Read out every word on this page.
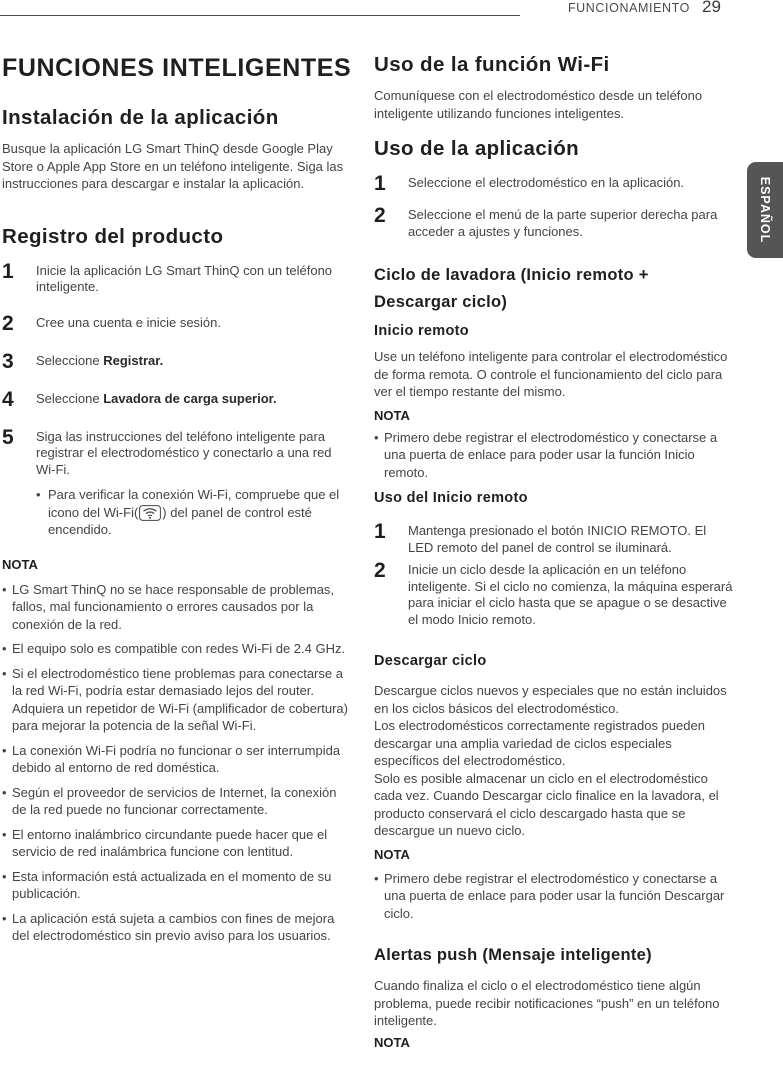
FUNCIONAMIENTO 29
ESPAÑOL
FUNCIONES INTELIGENTES
Instalación de la aplicación
Busque la aplicación LG Smart ThinQ desde Google Play Store o Apple App Store en un teléfono inteligente. Siga las instrucciones para descargar e instalar la aplicación.
Registro del producto
1	Inicie la aplicación LG Smart ThinQ con un teléfono inteligente.
2	Cree una cuenta e inicie sesión.
3	Seleccione Registrar.
4	Seleccione Lavadora de carga superior.
5	Siga las instrucciones del teléfono inteligente para registrar el electrodoméstico y conectarlo a una red Wi-Fi.
• Para verificar la conexión Wi-Fi, compruebe que el icono del Wi-Fi( ) del panel de control esté encendido.
NOTA
• LG Smart ThinQ no se hace responsable de problemas, fallos, mal funcionamiento o errores causados por la conexión de la red.
• El equipo solo es compatible con redes Wi-Fi de 2.4 GHz.
• Si el electrodoméstico tiene problemas para conectarse a la red Wi-Fi, podría estar demasiado lejos del router. Adquiera un repetidor de Wi-Fi (amplificador de cobertura) para mejorar la potencia de la señal Wi-Fi.
• La conexión Wi-Fi podría no funcionar o ser interrumpida debido al entorno de red doméstica.
• Según el proveedor de servicios de Internet, la conexión de la red puede no funcionar correctamente.
• El entorno inalámbrico circundante puede hacer que el servicio de red inalámbrica funcione con lentitud.
• Esta información está actualizada en el momento de su publicación.
• La aplicación está sujeta a cambios con fines de mejora del electrodoméstico sin previo aviso para los usuarios.
Uso de la función Wi-Fi
Comuníquese con el electrodoméstico desde un teléfono inteligente utilizando funciones inteligentes.
Uso de la aplicación
1	Seleccione el electrodoméstico en la aplicación.
2	Seleccione el menú de la parte superior derecha para acceder a ajustes y funciones.
Ciclo de lavadora (Inicio remoto +
Descargar ciclo)
Inicio remoto
Use un teléfono inteligente para controlar el electrodoméstico de forma remota. O controle el funcionamiento del ciclo para ver el tiempo restante del mismo.
NOTA
• Primero debe registrar el electrodoméstico y conectarse a una puerta de enlace para poder usar la función Inicio remoto.
Uso del Inicio remoto
1	Mantenga presionado el botón INICIO REMOTO. El LED remoto del panel de control se iluminará.
2	Inicie un ciclo desde la aplicación en un teléfono inteligente. Si el ciclo no comienza, la máquina esperará para iniciar el ciclo hasta que se apague o se desactive el modo Inicio remoto.
Descargar ciclo
Descargue ciclos nuevos y especiales que no están incluidos en los ciclos básicos del electrodoméstico.
Los electrodomésticos correctamente registrados pueden descargar una amplia variedad de ciclos especiales específicos del electrodoméstico.
Solo es posible almacenar un ciclo en el electrodoméstico cada vez. Cuando Descargar ciclo finalice en la lavadora, el producto conservará el ciclo descargado hasta que se descargue un nuevo ciclo.
NOTA
• Primero debe registrar el electrodoméstico y conectarse a una puerta de enlace para poder usar la función Descargar ciclo.
Alertas push (Mensaje inteligente)
Cuando finaliza el ciclo o el electrodoméstico tiene algún problema, puede recibir notificaciones “push” en un teléfono inteligente.
NOTA
